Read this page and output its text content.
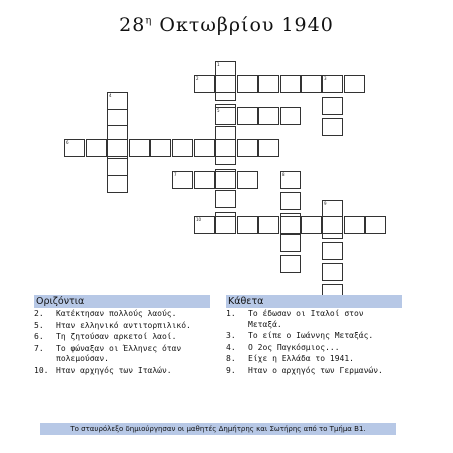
$28^\eta$ Οκτωβρίου 1940
1
2	3
4
5
6
7	8
9
10
Οριζόντια
2.	Κατέκτησαν πολλούς λαούς.
5.	Ηταν ελληνικό αντιτορπιλικό.
6.	Τη ζητούσαν αρκετοί λαοί.
7.	Το φώναξαν οι Έλληνες όταν πολεμούσαν.
10. Ηταν αρχηγός των Ιταλών.
Κάθετα
1.	Το έδωσαν οι Ιταλοί στον Μεταξά.
3.	Το είπε ο Ιωάννης Μεταξάς.
4.	Ο 2ος Παγκόσμιος...
8.	Είχε η Ελλάδα το 1941.
9.	Ηταν ο αρχηγός των Γερμανών.
Το σταυρόλεξο δημιούργησαν οι μαθητές Δημήτρης και Σωτήρης από το Τμήμα Β1.
